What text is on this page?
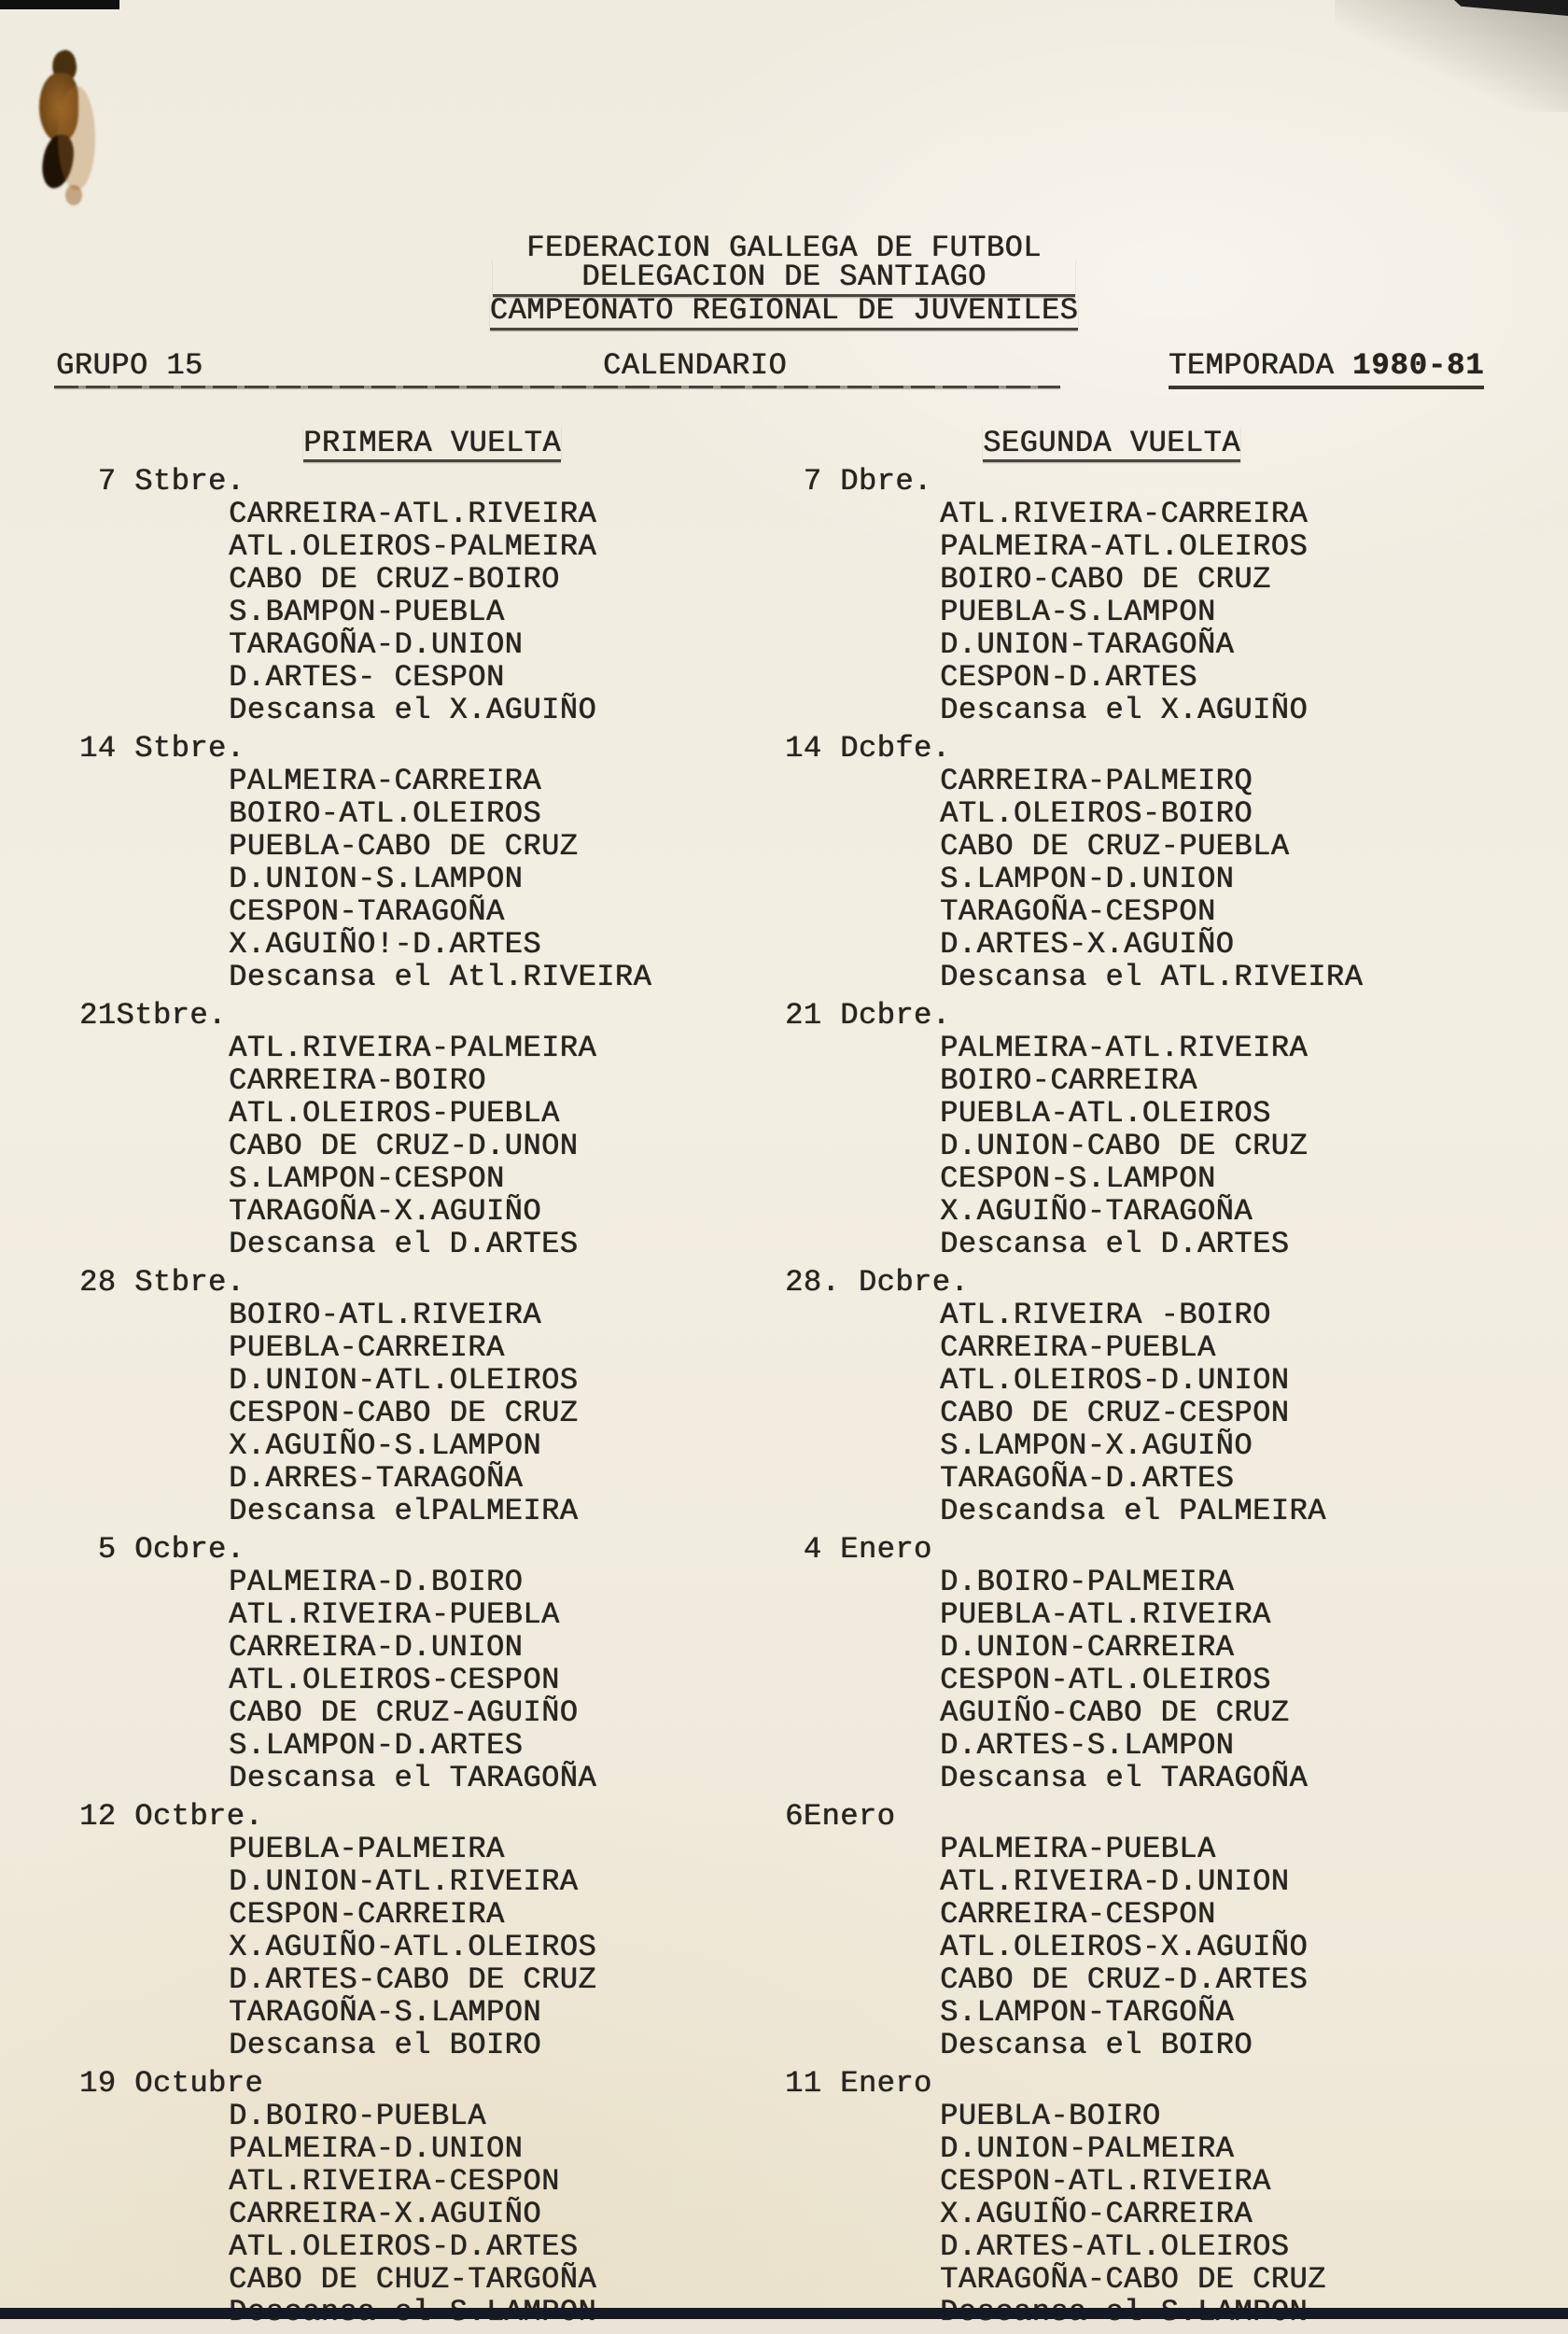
FEDERACION GALLEGA DE FUTBOL
DELEGACION DE SANTIAGO
CAMPEONATO REGIONAL DE JUVENILES
GRUPO 15	CALENDARIO	TEMPORADA 1980-81
PRIMERA VUELTA
7 Stbre.
CARREIRA-ATL.RIVEIRA
ATL.OLEIROS-PALMEIRA
CABO DE CRUZ-BOIRO
S.BAMPON-PUEBLA
TARAGOÑA-D.UNION
D.ARTES- CESPON
Descansa el X.AGUIÑO
14 Stbre.
PALMEIRA-CARREIRA
BOIRO-ATL.OLEIROS
PUEBLA-CABO DE CRUZ
D.UNION-S.LAMPON
CESPON-TARAGOÑA
X.AGUIÑO!-D.ARTES
Descansa el Atl.RIVEIRA
21Stbre.
ATL.RIVEIRA-PALMEIRA
CARREIRA-BOIRO
ATL.OLEIROS-PUEBLA
CABO DE CRUZ-D.UNON
S.LAMPON-CESPON
TARAGOÑA-X.AGUIÑO
Descansa el D.ARTES
28 Stbre.
BOIRO-ATL.RIVEIRA
PUEBLA-CARREIRA
D.UNION-ATL.OLEIROS
CESPON-CABO DE CRUZ
X.AGUIÑO-S.LAMPON
D.ARRES-TARAGOÑA
Descansa elPALMEIRA
5 Ocbre.
PALMEIRA-D.BOIRO
ATL.RIVEIRA-PUEBLA
CARREIRA-D.UNION
ATL.OLEIROS-CESPON
CABO DE CRUZ-AGUIÑO
S.LAMPON-D.ARTES
Descansa el TARAGOÑA
12 Octbre.
PUEBLA-PALMEIRA
D.UNION-ATL.RIVEIRA
CESPON-CARREIRA
X.AGUIÑO-ATL.OLEIROS
D.ARTES-CABO DE CRUZ
TARAGOÑA-S.LAMPON
Descansa el BOIRO
19 Octubre
D.BOIRO-PUEBLA
PALMEIRA-D.UNION
ATL.RIVEIRA-CESPON
CARREIRA-X.AGUIÑO
ATL.OLEIROS-D.ARTES
CABO DE CHUZ-TARGOÑA
SEGUNDA VUELTA
7 Dbre.
ATL.RIVEIRA-CARREIRA
PALMEIRA-ATL.OLEIROS
BOIRO-CABO DE CRUZ
PUEBLA-S.LAMPON
D.UNION-TARAGOÑA
CESPON-D.ARTES
Descansa el X.AGUIÑO
14 Dcbfe.
CARREIRA-PALMEIRQ
ATL.OLEIROS-BOIRO
CABO DE CRUZ-PUEBLA
S.LAMPON-D.UNION
TARAGOÑA-CESPON
D.ARTES-X.AGUIÑO
Descansa el ATL.RIVEIRA
21 Dcbre.
PALMEIRA-ATL.RIVEIRA
BOIRO-CARREIRA
PUEBLA-ATL.OLEIROS
D.UNION-CABO DE CRUZ
CESPON-S.LAMPON
X.AGUIÑO-TARAGOÑA
Descansa el D.ARTES
28. Dcbre.
ATL.RIVEIRA -BOIRO
CARREIRA-PUEBLA
ATL.OLEIROS-D.UNION
CABO DE CRUZ-CESPON
S.LAMPON-X.AGUIÑO
TARAGOÑA-D.ARTES
Descandsa el PALMEIRA
4 Enero
D.BOIRO-PALMEIRA
PUEBLA-ATL.RIVEIRA
D.UNION-CARREIRA
CESPON-ATL.OLEIROS
AGUIÑO-CABO DE CRUZ
D.ARTES-S.LAMPON
Descansa el TARAGOÑA
6Enero
PALMEIRA-PUEBLA
ATL.RIVEIRA-D.UNION
CARREIRA-CESPON
ATL.OLEIROS-X.AGUIÑO
CABO DE CRUZ-D.ARTES
S.LAMPON-TARGOÑA
Descansa el BOIRO
11 Enero
PUEBLA-BOIRO
D.UNION-PALMEIRA
CESPON-ATL.RIVEIRA
X.AGUIÑO-CARREIRA
D.ARTES-ATL.OLEIROS
TARAGOÑA-CABO DE CRUZ
